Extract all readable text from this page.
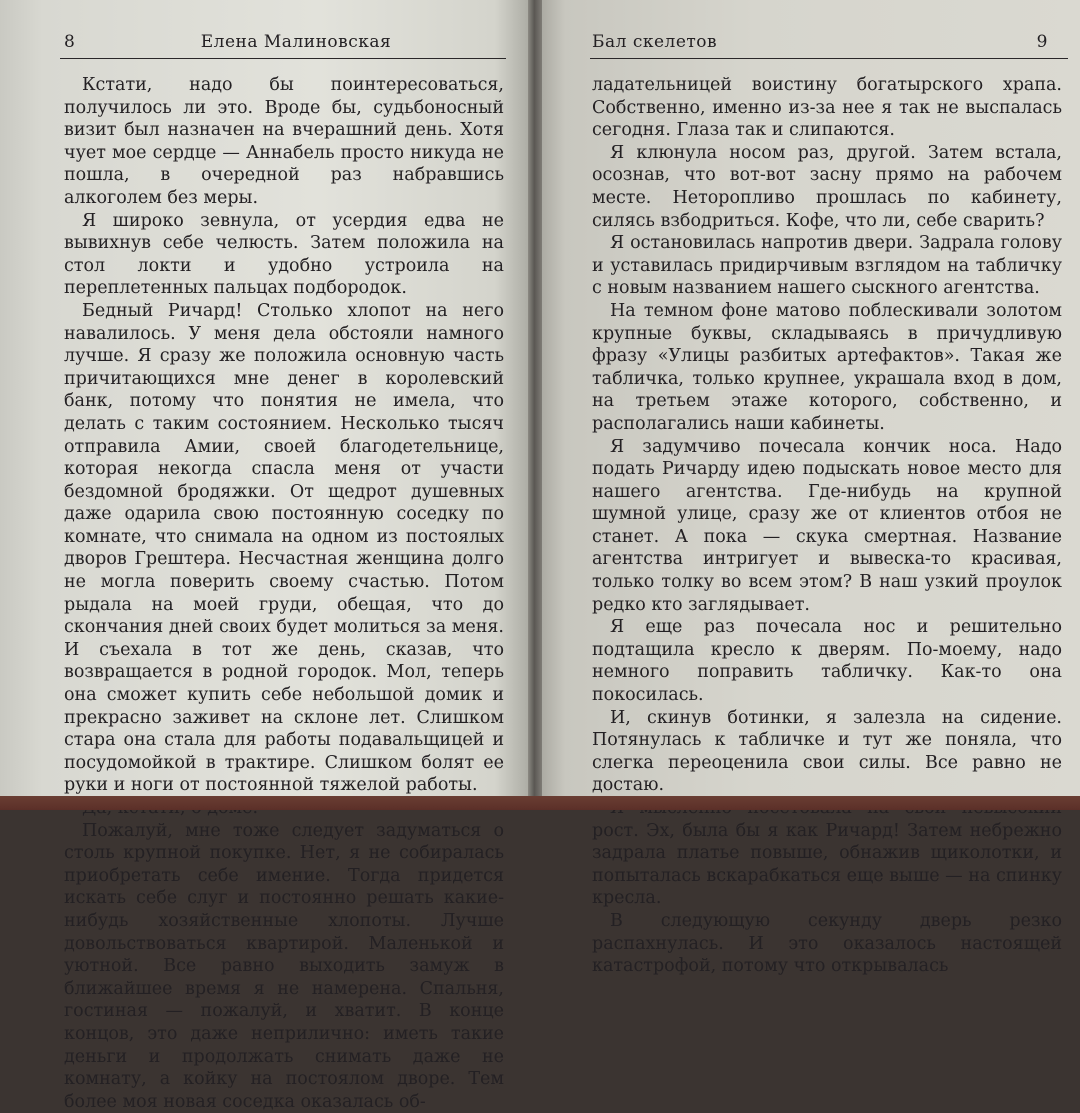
8	Елена Малиновская

Кстати, надо бы поинтересоваться, получилось ли это. Вроде бы, судьбоносный визит был назначен на вчерашний день. Хотя чует мое сердце — Аннабель просто никуда не пошла, в очередной раз набравшись алкоголем без меры.

Я широко зевнула, от усердия едва не вывихнув себе челюсть. Затем положила на стол локти и удобно устроила на переплетенных пальцах подбородок.

Бедный Ричард! Столько хлопот на него навалилось. У меня дела обстояли намного лучше. Я сразу же положила основную часть причитающихся мне денег в королевский банк, потому что понятия не имела, что делать с таким состоянием. Несколько тысяч отправила Амии, своей благодетельнице, которая некогда спасла меня от участи бездомной бродяжки. От щедрот душевных даже одарила свою постоянную соседку по комнате, что снимала на одном из постоялых дворов Грештера. Несчастная женщина долго не могла поверить своему счастью. Потом рыдала на моей груди, обещая, что до скончания дней своих будет молиться за меня. И съехала в тот же день, сказав, что возвращается в родной городок. Мол, теперь она сможет купить себе небольшой домик и прекрасно заживет на склоне лет. Слишком стара она стала для работы подавальщицей и посудомойкой в трактире. Слишком болят ее руки и ноги от постоянной тяжелой работы.

Пожалуй, мне тоже следует задуматься о столь крупной покупке. Нет, я не собиралась приобретать себе имение. Тогда придется искать себе слуг и постоянно решать какие-нибудь хозяйственные хлопоты. Лучше довольствоваться квартирой. Маленькой и уютной. Все равно выходить замуж в ближайшее время я не намерена. Спальня, гостиная — пожалуй, и хватит. В конце концов, это даже неприлично: иметь такие деньги и продолжать снимать даже не комнату, а койку на постоялом дворе. Тем более моя новая соседка оказалась об-

Бал скелетов	9

ладательницей воистину богатырского храпа. Собственно, именно из-за нее я так не выспалась сегодня. Глаза так и слипаются.

Я клюнула носом раз, другой. Затем встала, осознав, что вот-вот засну прямо на рабочем месте. Неторопливо прошлась по кабинету, силясь взбодриться. Кофе, что ли, себе сварить?

Я остановилась напротив двери. Задрала голову и уставилась придирчивым взглядом на табличку с новым названием нашего сыскного агентства.

На темном фоне матово поблескивали золотом крупные буквы, складываясь в причудливую фразу «Улицы разбитых артефактов». Такая же табличка, только крупнее, украшала вход в дом, на третьем этаже которого, собственно, и располагались наши кабинеты.

Я задумчиво почесала кончик носа. Надо подать Ричарду идею подыскать новое место для нашего агентства. Где-нибудь на крупной шумной улице, сразу же от клиентов отбоя не станет. А пока — скука смертная. Название агентства интригует и вывеска-то красивая, только толку во всем этом? В наш узкий проулок редко кто заглядывает.

Я еще раз почесала нос и решительно подтащила кресло к дверям. По-моему, надо немного поправить табличку. Как-то она покосилась.

И, скинув ботинки, я залезла на сидение. Потянулась к табличке и тут же поняла, что слегка переоценила свои силы. Все равно не достаю.

рост. Эх, была бы я как Ричард! Затем небрежно задрала платье повыше, обнажив щиколотки, и попыталась вскарабкаться еще выше — на спинку кресла.

В следующую секунду дверь резко распахнулась. И это оказалось настоящей катастрофой, потому что открывалась
